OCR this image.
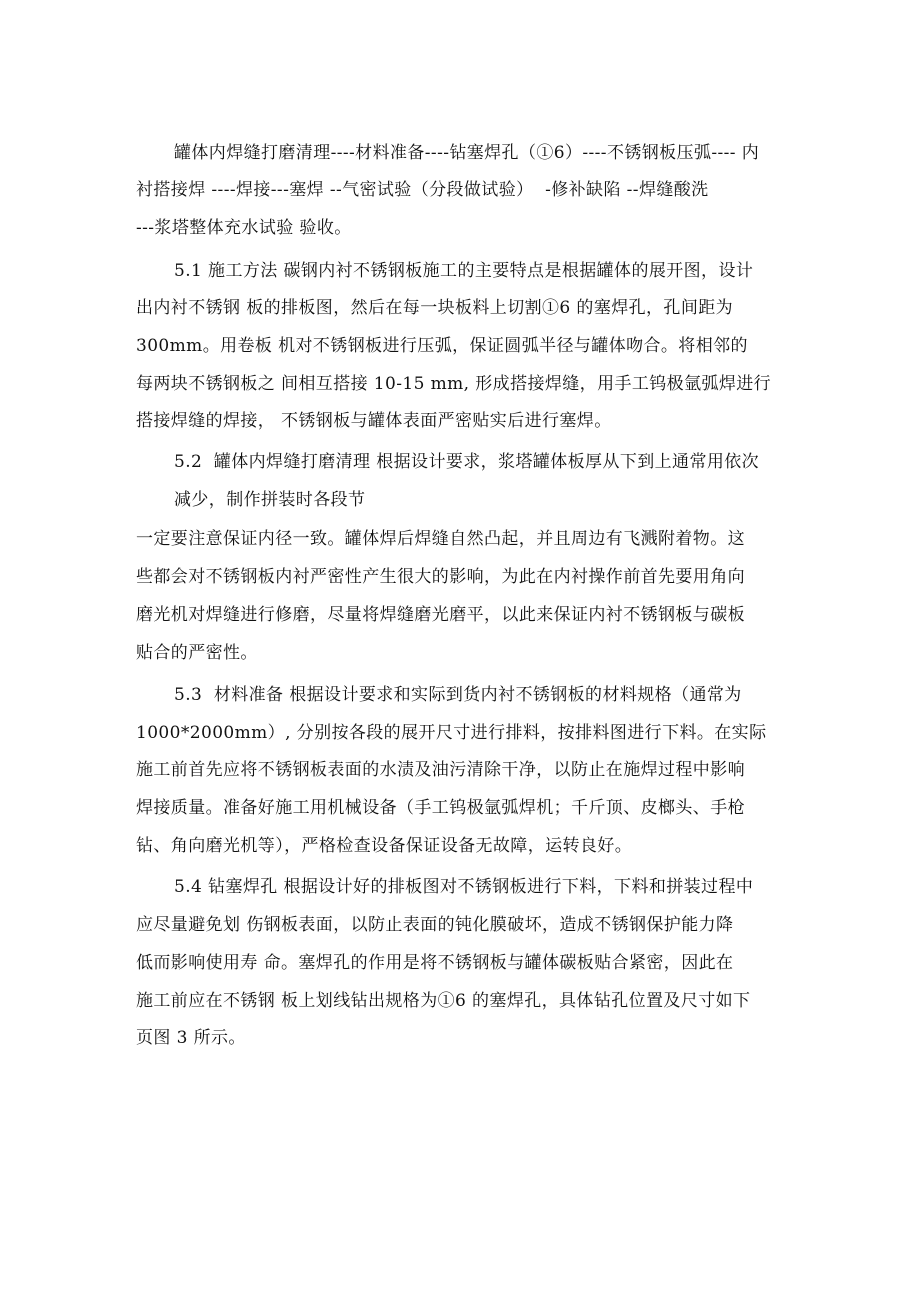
罐体内焊缝打磨清理----材料准备----钻塞焊孔（①6）----不锈钢板压弧---- 内
衬搭接焊 ----焊接---塞焊 --气密试验（分段做试验）  -修补缺陷 --焊缝酸洗
---浆塔整体充水试验 验收。
5.1 施工方法 碳钢内衬不锈钢板施工的主要特点是根据罐体的展开图，设计
出内衬不锈钢 板的排板图，然后在每一块板料上切割①6 的塞焊孔，孔间距为
300mm。用卷板 机对不锈钢板进行压弧，保证圆弧半径与罐体吻合。将相邻的
每两块不锈钢板之 间相互搭接 10-15 mm, 形成搭接焊缝，用手工钨极氩弧焊进行
搭接焊缝的焊接， 不锈钢板与罐体表面严密贴实后进行塞焊。
5.2  罐体内焊缝打磨清理 根据设计要求，浆塔罐体板厚从下到上通常用依次
减少，制作拼装时各段节
一定要注意保证内径一致。罐体焊后焊缝自然凸起，并且周边有飞溅附着物。这
些都会对不锈钢板内衬严密性产生很大的影响，为此在内衬操作前首先要用角向
磨光机对焊缝进行修磨，尽量将焊缝磨光磨平，以此来保证内衬不锈钢板与碳板
贴合的严密性。
5.3  材料准备 根据设计要求和实际到货内衬不锈钢板的材料规格（通常为
1000*2000mm）, 分别按各段的展开尺寸进行排料，按排料图进行下料。在实际
施工前首先应将不锈钢板表面的水渍及油污清除干净，以防止在施焊过程中影响
焊接质量。准备好施工用机械设备（手工钨极氩弧焊机；千斤顶、皮榔头、手枪
钻、角向磨光机等），严格检查设备保证设备无故障，运转良好。
5.4 钻塞焊孔 根据设计好的排板图对不锈钢板进行下料，下料和拼装过程中
应尽量避免划 伤钢板表面，以防止表面的钝化膜破坏，造成不锈钢保护能力降
低而影响使用寿 命。塞焊孔的作用是将不锈钢板与罐体碳板贴合紧密，因此在
施工前应在不锈钢 板上划线钻出规格为①6 的塞焊孔，具体钻孔位置及尺寸如下
页图 3 所示。
